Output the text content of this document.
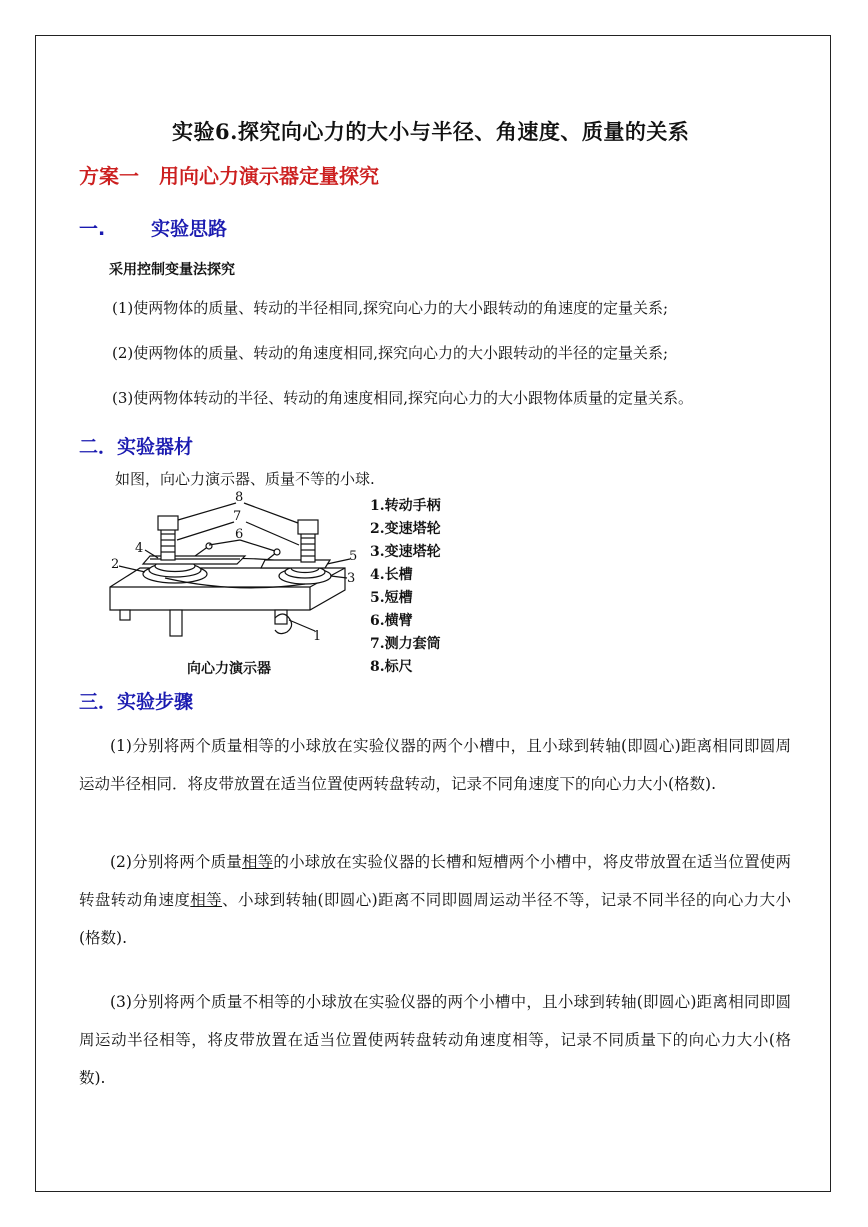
实验6.探究向心力的大小与半径、角速度、质量的关系
方案一　用向心力演示器定量探究
一. 实验思路
采用控制变量法探究
(1)使两物体的质量、转动的半径相同,探究向心力的大小跟转动的角速度的定量关系;
(2)使两物体的质量、转动的角速度相同,探究向心力的大小跟转动的半径的定量关系;
(3)使两物体转动的半径、转动的角速度相同,探究向心力的大小跟物体质量的定量关系。
二．实验器材
如图，向心力演示器、质量不等的小球.
8
7
6
4
2
5
3
1
向心力演示器
1.转动手柄
2.变速塔轮
3.变速塔轮
4.长槽
5.短槽
6.横臂
7.测力套筒
8.标尺
三．实验步骤
(1)分别将两个质量相等的小球放在实验仪器的两个小槽中，且小球到转轴(即圆心)距离相同即圆周运动半径相同．将皮带放置在适当位置使两转盘转动，记录不同角速度下的向心力大小(格数).
(2)分别将两个质量相等的小球放在实验仪器的长槽和短槽两个小槽中，将皮带放置在适当位置使两转盘转动角速度相等、小球到转轴(即圆心)距离不同即圆周运动半径不等，记录不同半径的向心力大小(格数).
(3)分别将两个质量不相等的小球放在实验仪器的两个小槽中，且小球到转轴(即圆心)距离相同即圆周运动半径相等，将皮带放置在适当位置使两转盘转动角速度相等，记录不同质量下的向心力大小(格数).
